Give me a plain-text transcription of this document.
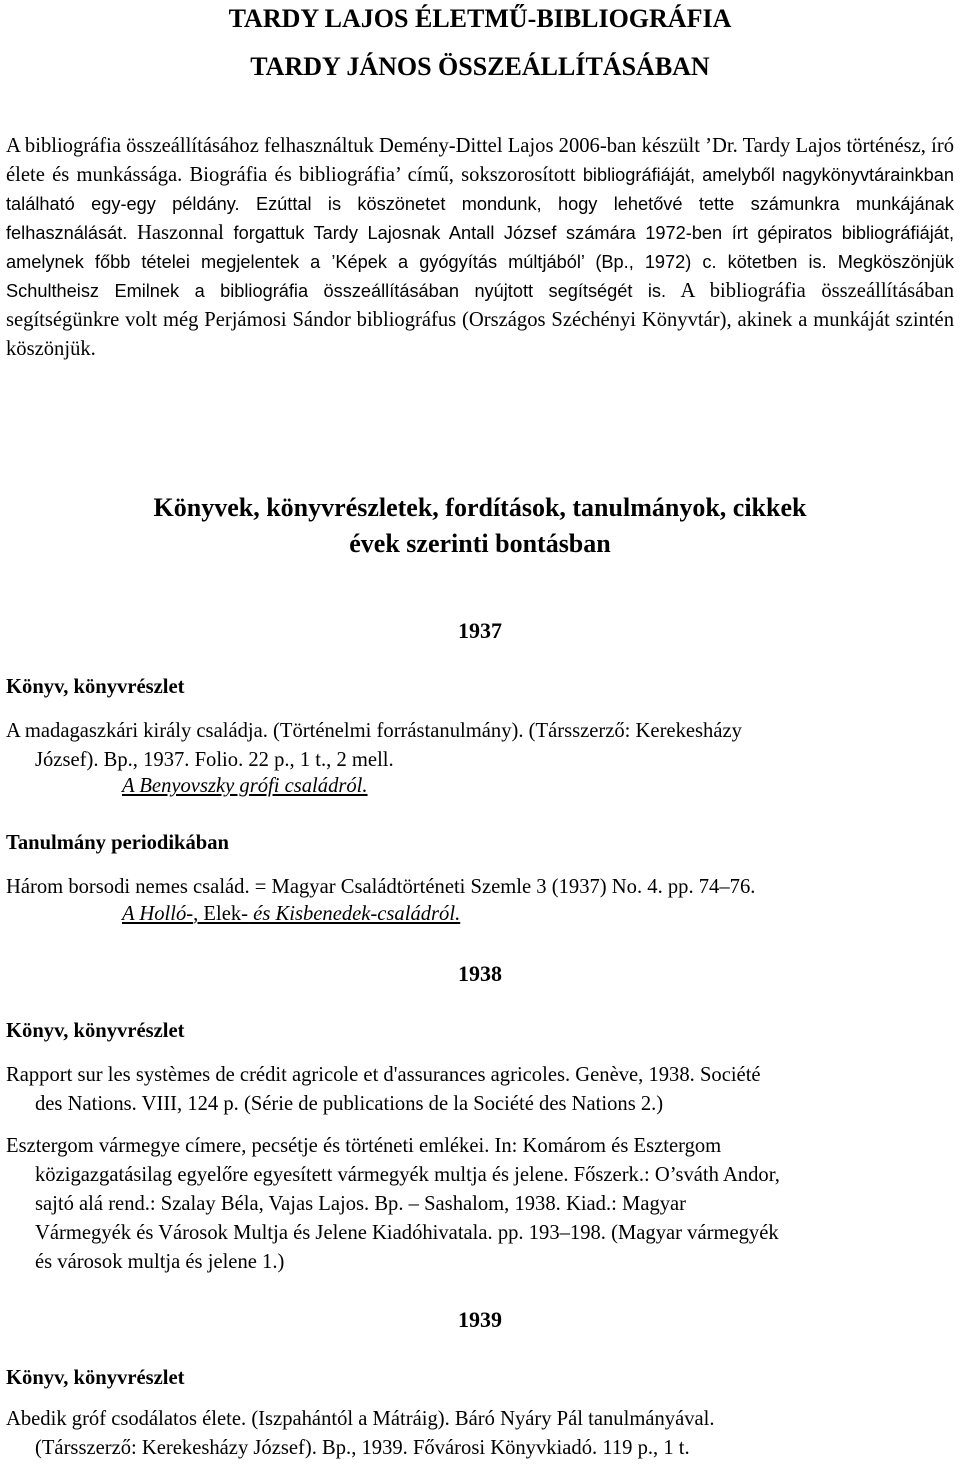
TARDY LAJOS ÉLETMŰ-BIBLIOGRÁFIA
TARDY JÁNOS ÖSSZEÁLLÍTÁSÁBAN

A bibliográfia összeállításához felhasználtuk Demény-Dittel Lajos 2006-ban készült ’Dr. Tardy Lajos történész, író élete és munkássága. Biográfia és bibliográfia’ című, sokszorosított bibliográfiáját, amelyből nagykönyvtárainkban található egy-egy példány. Ezúttal is köszönetet mondunk, hogy lehetővé tette számunkra munkájának felhasználását. Haszonnal forgattuk Tardy Lajosnak Antall József számára 1972-ben írt gépiratos bibliográfiáját, amelynek főbb tételei megjelentek a ’Képek a gyógyítás múltjából’ (Bp., 1972) c. kötetben is. Megköszönjük Schultheisz Emilnek a bibliográfia összeállításában nyújtott segítségét is. A bibliográfia összeállításában segítségünkre volt még Perjámosi Sándor bibliográfus (Országos Széchényi Könyvtár), akinek a munkáját szintén köszönjük.

Könyvek, könyvrészletek, fordítások, tanulmányok, cikkek
évek szerinti bontásban
1937
Könyv, könyvrészlet
A madagaszkári király családja. (Történelmi forrástanulmány). (Társszerző: Kerekesházy
József). Bp., 1937. Folio. 22 p., 1 t., 2 mell.
A Benyovszky grófi családról.
Tanulmány periodikában
Három borsodi nemes család. = Magyar Családtörténeti Szemle 3 (1937) No. 4. pp. 74–76.
A Holló-, Elek- és Kisbenedek-családról.
1938
Könyv, könyvrészlet
Rapport sur les systèmes de crédit agricole et d'assurances agricoles. Genève, 1938. Société
des Nations. VIII, 124 p. (Série de publications de la Société des Nations 2.)
Esztergom vármegye címere, pecsétje és történeti emlékei. In: Komárom és Esztergom
közigazgatásilag egyelőre egyesített vármegyék multja és jelene. Főszerk.: O’sváth Andor,
sajtó alá rend.: Szalay Béla, Vajas Lajos. Bp. – Sashalom, 1938. Kiad.: Magyar
Vármegyék és Városok Multja és Jelene Kiadóhivatala. pp. 193–198. (Magyar vármegyék
és városok multja és jelene 1.)
1939
Könyv, könyvrészlet
Abedik gróf csodálatos élete. (Iszpahántól a Mátráig). Báró Nyáry Pál tanulmányával.
(Társszerző: Kerekesházy József). Bp., 1939. Fővárosi Könyvkiadó. 119 p., 1 t.
